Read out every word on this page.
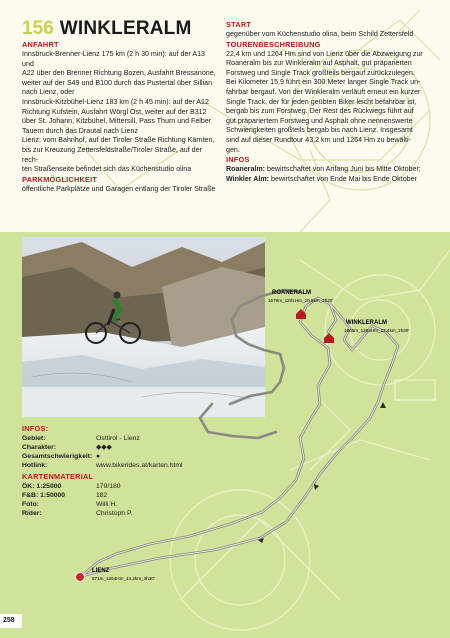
156 WINKLERALM
ANFAHRT
Innsbruck-Brenner-Lienz 175 km (2 h 30 min): auf der A13 und
A22 über den Brenner Richtung Bozen, Ausfahrt Bressanone,
weiter auf der S49 und B100 durch das Pustertal über Sillian
nach Lienz, oder
Innsbruck-Kitzbühel-Lienz 183 km (2 h 45 min): auf der A12
Richtung Kufstein, Ausfahrt Wörgl Ost, weiter auf der B312
über St. Johann, Kitzbühel, Mittersill, Pass Thurn und Felber
Tauern durch das Drautal nach Lienz
Lienz: vom Bahnhof, auf der Tiroler Straße Richtung Kärnten,
bis zur Kreuzung Zettersfeldstraße/Tiroler Straße, auf der rech-
ten Straßenseite befindet sich das Küchenstudio olina
PARKMÖGLICHKEIT
öffentliche Parkplätze und Garagen entlang der Tiroler Straße
START
gegenüber vom Küchenstudio olina, beim Schild Zettersfeld
TOURENBESCHREIBUNG
22,4 km und 1264 Hm sind von Lienz über die Abzweigung zur
Roaneralm bis zur Winkleralm auf Asphalt, gut präparierten
Forstweg und Single Track großteils bergauf zurückzulegen.
Bei Kilometer 15,9 führt ein 300 Meter langer Single Track un-
fahrbar bergauf. Von der Winkleralm verläuft erneut ein kurzer
Single Track, der für jeden geübten Biker leicht befahrbar ist,
bergab bis zum Forstweg. Der Rest des Rückwegs führt auf
gut präpariertem Forstweg und Asphalt ohne nennenswerte
Schwierigkeiten großteils bergab bis nach Lienz. Insgesamt
sind auf dieser Rundtour 43,2 km und 1264 Hm zu bewälti-
gen.
INFOS
Roaneralm: bewirtschaftet von Anfang Juni bis Mitte Oktober;
Winkler Alm: bewirtschaftet von Ende Mai bis Ende Oktober
ROANERALM
1678m_1201Hm_20,5km_2h20'
WINKLERALM
1905m_1264Hm_22,4km_2h30'
LIENZ
671m_1264Hm_43,2km_3h30'
INFOS:
Gebiet:	Osttirol - Lienz
Charakter:	◆◆◆
Gesamtschwierigkeit: ●
Hotlink:	www.bikerides.at/karten.html
KARTENMATERIAL
ÖK: 1:25000	179/180
F&B: 1:50000	182
Foto:	Willi H.
Rider:	Christoph P.
258
